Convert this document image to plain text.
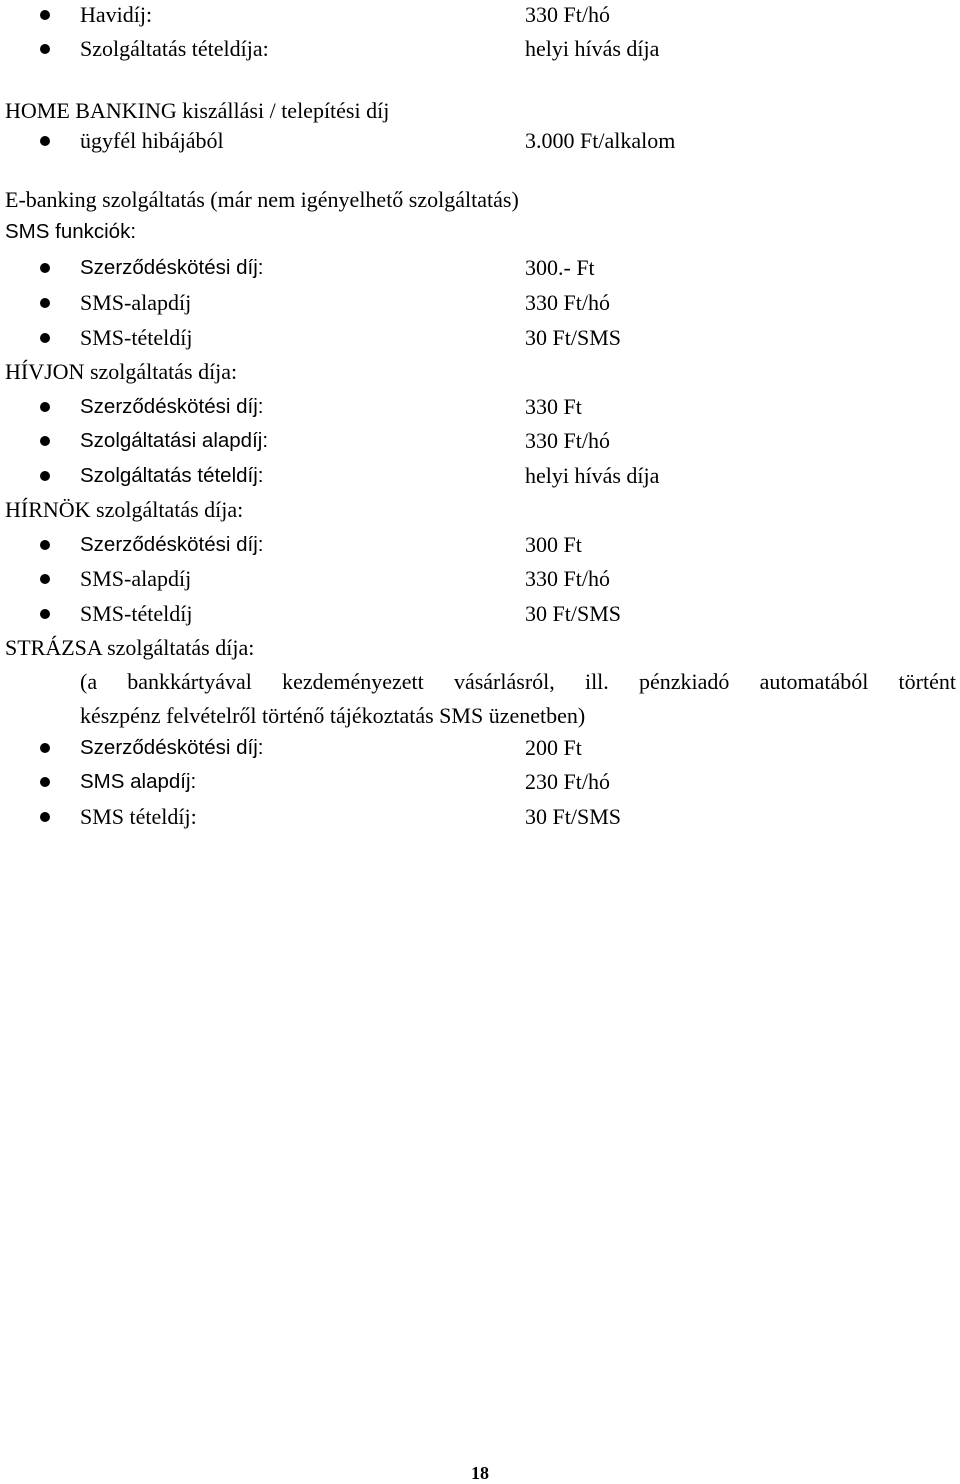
Havidíj:	330 Ft/hó
Szolgáltatás tételdíja:	helyi hívás díja
HOME BANKING kiszállási / telepítési díj
ügyfél hibájából	3.000 Ft/alkalom
E-banking szolgáltatás (már nem igényelhető szolgáltatás)
SMS funkciók:
Szerződéskötési díj:	300.- Ft
SMS-alapdíj	330 Ft/hó
SMS-tételdíj	30 Ft/SMS
HÍVJON szolgáltatás díja:
Szerződéskötési díj:	330 Ft
Szolgáltatási alapdíj:	330 Ft/hó
Szolgáltatás tételdíj:	helyi hívás díja
HÍRNÖK szolgáltatás díja:
Szerződéskötési díj:	300 Ft
SMS-alapdíj	330 Ft/hó
SMS-tételdíj	30 Ft/SMS
STRÁZSA szolgáltatás díja:
(a bankkártyával kezdeményezett vásárlásról, ill. pénzkiadó automatából történt
készpénz felvételről történő tájékoztatás SMS üzenetben)
Szerződéskötési díj:	200 Ft
SMS alapdíj:	230 Ft/hó
SMS tételdíj:	30 Ft/SMS
18
